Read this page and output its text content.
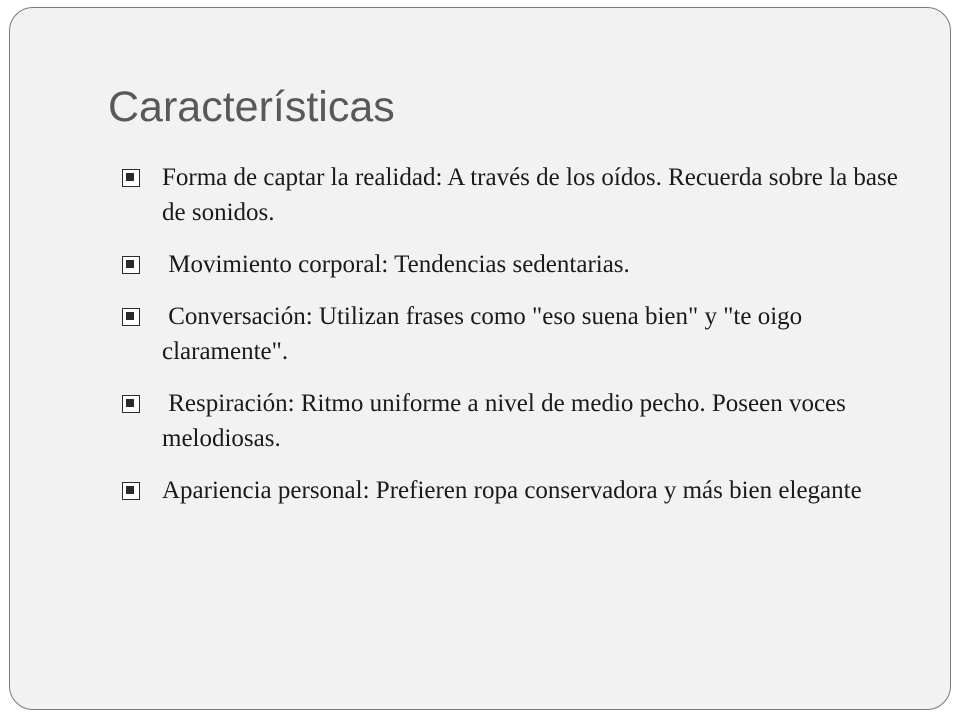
Características
Forma de captar la realidad: A través de los oídos. Recuerda sobre la base de sonidos.
Movimiento corporal: Tendencias sedentarias.
Conversación: Utilizan frases como "eso suena bien" y "te oigo claramente".
Respiración: Ritmo uniforme a nivel de medio pecho. Poseen voces melodiosas.
Apariencia personal: Prefieren ropa conservadora y más bien elegante
